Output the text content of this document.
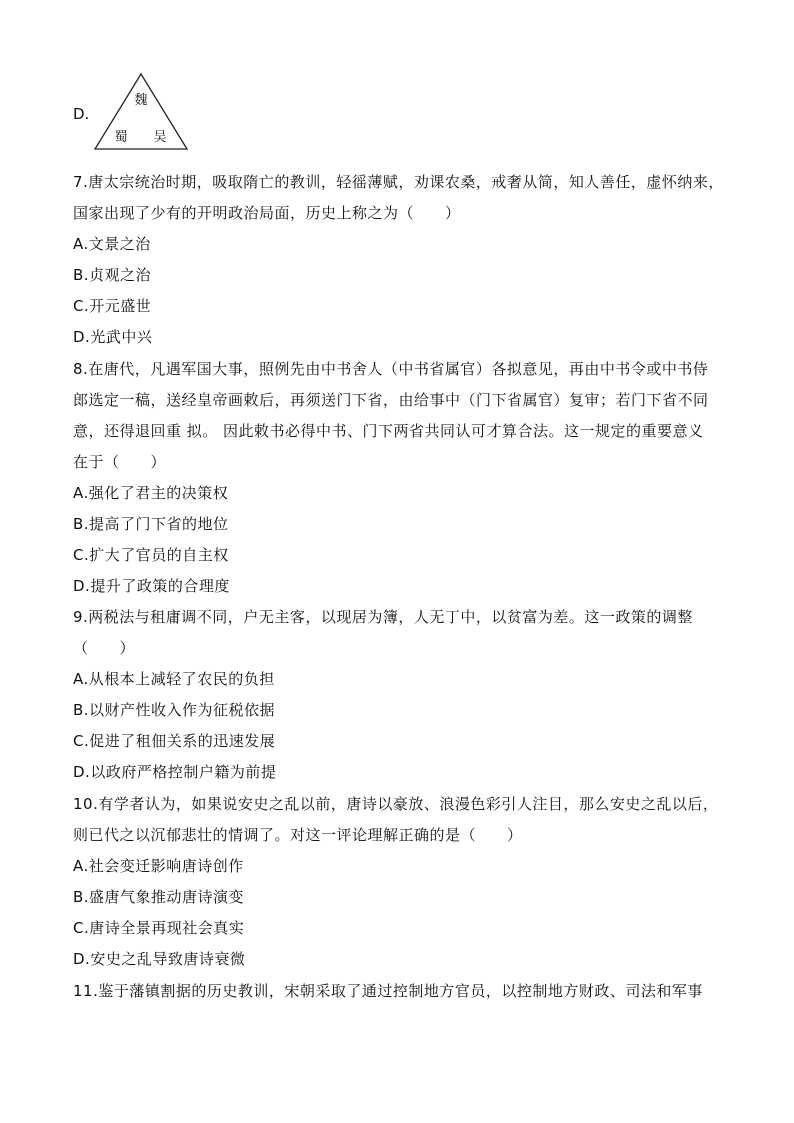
D.
魏
蜀 吴
7.唐太宗统治时期，吸取隋亡的教训，轻徭薄赋，劝课农桑，戒奢从简，知人善任，虚怀纳来，
国家出现了少有的开明政治局面，历史上称之为（　　）
A.文景之治
B.贞观之治
C.开元盛世
D.光武中兴
8.在唐代，凡遇军国大事，照例先由中书舍人（中书省属官）各拟意见，再由中书令或中书侍
郎选定一稿，送经皇帝画敕后，再须送门下省，由给事中（门下省属官）复审；若门下省不同
意，还得退回重 拟。 因此敕书必得中书、门下两省共同认可才算合法。这一规定的重要意义
在于（　　）
A.强化了君主的决策权
B.提高了门下省的地位
C.扩大了官员的自主权
D.提升了政策的合理度
9.两税法与租庸调不同，户无主客，以现居为簿，人无丁中，以贫富为差。这一政策的调整
（　　）
A.从根本上减轻了农民的负担
B.以财产性收入作为征税依据
C.促进了租佃关系的迅速发展
D.以政府严格控制户籍为前提
10.有学者认为，如果说安史之乱以前，唐诗以豪放、浪漫色彩引人注目，那么安史之乱以后，
则已代之以沉郁悲壮的情调了。对这一评论理解正确的是（　　）
A.社会变迁影响唐诗创作
B.盛唐气象推动唐诗演变
C.唐诗全景再现社会真实
D.安史之乱导致唐诗衰微
11.鉴于藩镇割据的历史教训，宋朝采取了通过控制地方官员，以控制地方财政、司法和军事
